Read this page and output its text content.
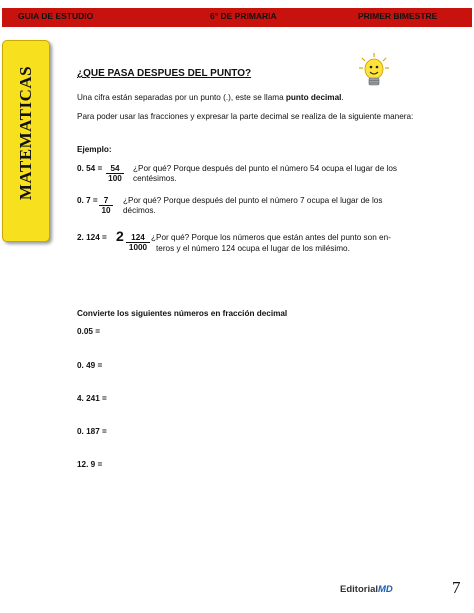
GUIA DE ESTUDIO	6° DE PRIMARIA	PRIMER BIMESTRE
MATEMATICAS	¿QUE PASA DESPUES DEL PUNTO?
Una cifra están separadas por un punto (.), este se llama punto decimal.
Para poder usar las fracciones y expresar la parte decimal se realiza de la siguiente manera:
Ejemplo:
0. 54 = 54
100
¿Por qué? Porque después del punto el número 54 ocupa el lugar de los
centésimos.
0. 7 = 7
10
¿Por qué? Porque después del punto el número 7 ocupa el lugar de los
décimos.
2. 124 = 2 124
1000
¿Por qué? Porque los números que están antes del punto son en-
teros y el número 124 ocupa el lugar de los milésimo.
Convierte los siguientes números en fracción decimal
0.05 =
0. 49 =
4. 241 =
0. 187 =
12. 9 =
EditorialMD	7
